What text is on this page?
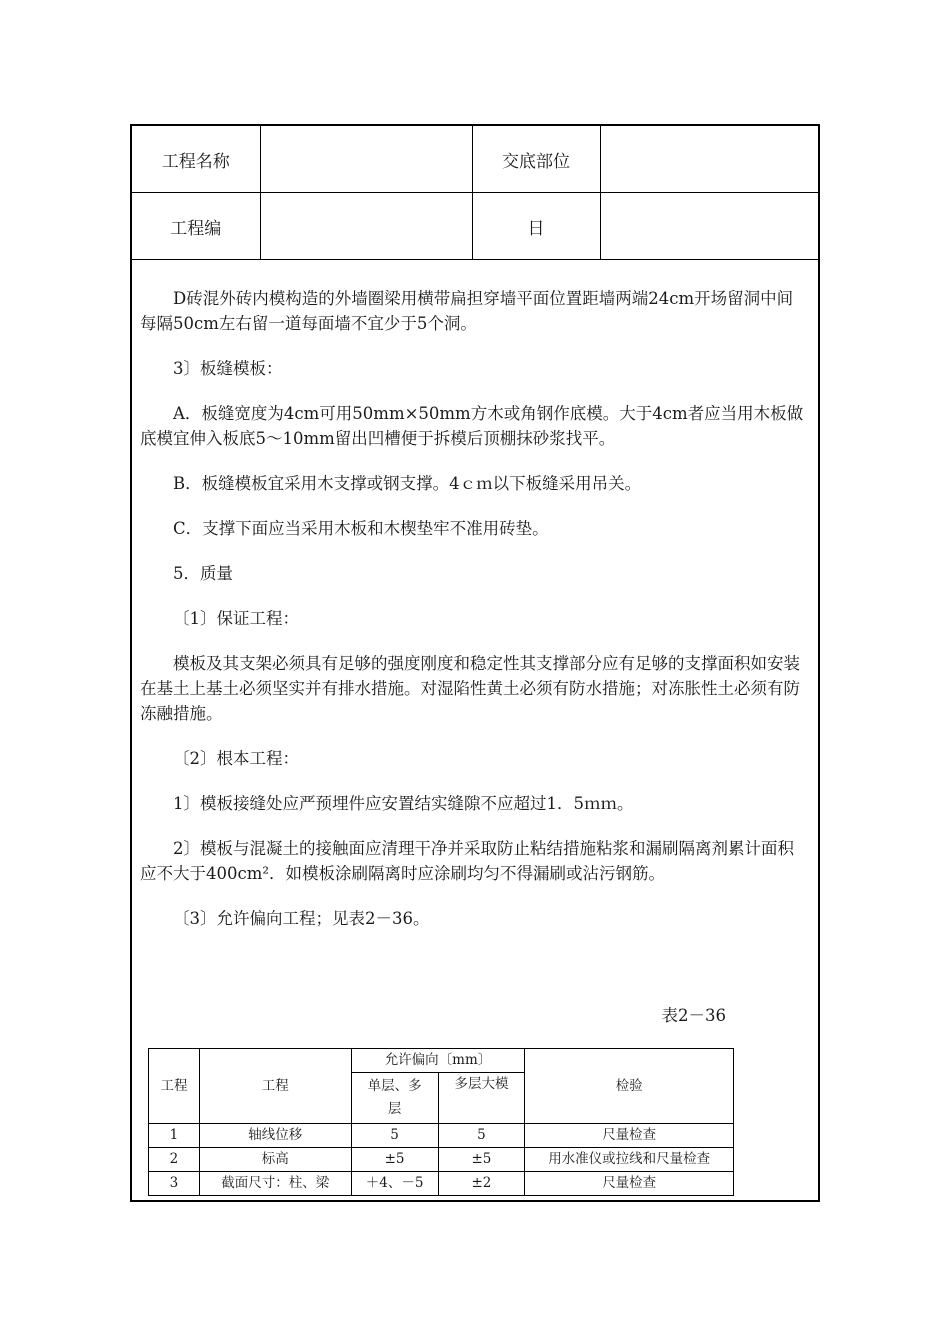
工程名称		交底部位	
工程编		日	

D砖混外砖内模构造的外墙圈梁用横带扁担穿墙平面位置距墙两端24cm开场留洞中间每隔50cm左右留一道每面墙不宜少于5个洞。

3〕板缝模板：

A．板缝宽度为4cm可用50mm×50mm方木或角钢作底模。大于4cm者应当用木板做底模宜伸入板底5～10mm留出凹槽便于拆模后顶棚抹砂浆找平。

B．板缝模板宜采用木支撑或钢支撑。4ｃｍ以下板缝采用吊关。

C．支撑下面应当采用木板和木楔垫牢不准用砖垫。

5．质量

〔1〕保证工程：

模板及其支架必须具有足够的强度刚度和稳定性其支撑部分应有足够的支撑面积如安装在基土上基土必须坚实并有排水措施。对湿陷性黄土必须有防水措施；对冻胀性土必须有防冻融措施。

〔2〕根本工程：

1〕模板接缝处应严预埋件应安置结实缝隙不应超过1．5ｍｍ。

2〕模板与混凝土的接触面应清理干净并采取防止粘结措施粘浆和漏刷隔离剂累计面积应不大于400cm²．如模板涂刷隔离时应涂刷均匀不得漏刷或沾污钢筋。

〔3〕允许偏向工程；见表2－36。

表2－36
工程	工程	允许偏向〔mm〕		检验
		单层、多层	多层大模	
1	轴线位移	5	5	尺量检查
2	标高	±5	±5	用水准仪或拉线和尺量检查
3	截面尺寸：柱、梁	＋4、－5	±2	尺量检查
